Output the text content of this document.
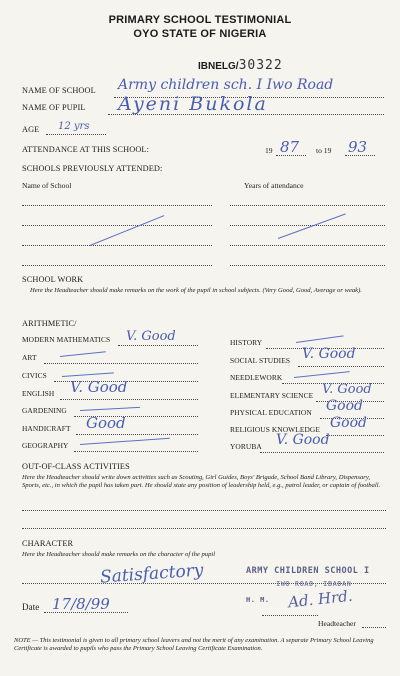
PRIMARY SCHOOL TESTIMONIAL
OYO STATE OF NIGERIA
IBNELG/30322
NAME OF SCHOOL Army children sch. I Iwo Road
NAME OF PUPIL Ayeni Bukola
AGE 12 yrs
ATTENDANCE AT THIS SCHOOL:	19 87 to 19 93
SCHOOLS PREVIOUSLY ATTENDED:
Name of School	Years of attendance
SCHOOL WORK
Here the Headteacher should make remarks on the work of the pupil in school subjects. (Very Good, Good, Average or weak).
ARITHMETIC/
MODERN MATHEMATICS V. Good
ART
CIVICS
ENGLISH V. Good
GARDENING
HANDICRAFT Good
GEOGRAPHY
HISTORY
SOCIAL STUDIES V. Good
NEEDLEWORK
ELEMENTARY SCIENCE V. Good
PHYSICAL EDUCATION Good
RELIGIOUS KNOWLEDGE Good
YORUBA V. Good
OUT-OF-CLASS ACTIVITIES
Here the Headteacher should write down activities such as Scouting, Girl Guides, Boys' Brigade, School Band Library, Dispensary, Sports, etc., in which the pupil has taken part. He should state any position of leadership held, e.g., patrol leader, or captain of football.
CHARACTER
Here the Headteacher should make remarks on the character of the pupil
Satisfactory	ARMY CHILDREN SCHOOL I
IWO ROAD, IBADAN
H. M.
Date 17/8/99	Ad. Hrd.
Headteacher
NOTE — This testimonial is given to all primary school leavers and not the merit of any examination. A separate Primary School Leaving Certificate is awarded to pupils who pass the Primary School Leaving Certificate Examination.
